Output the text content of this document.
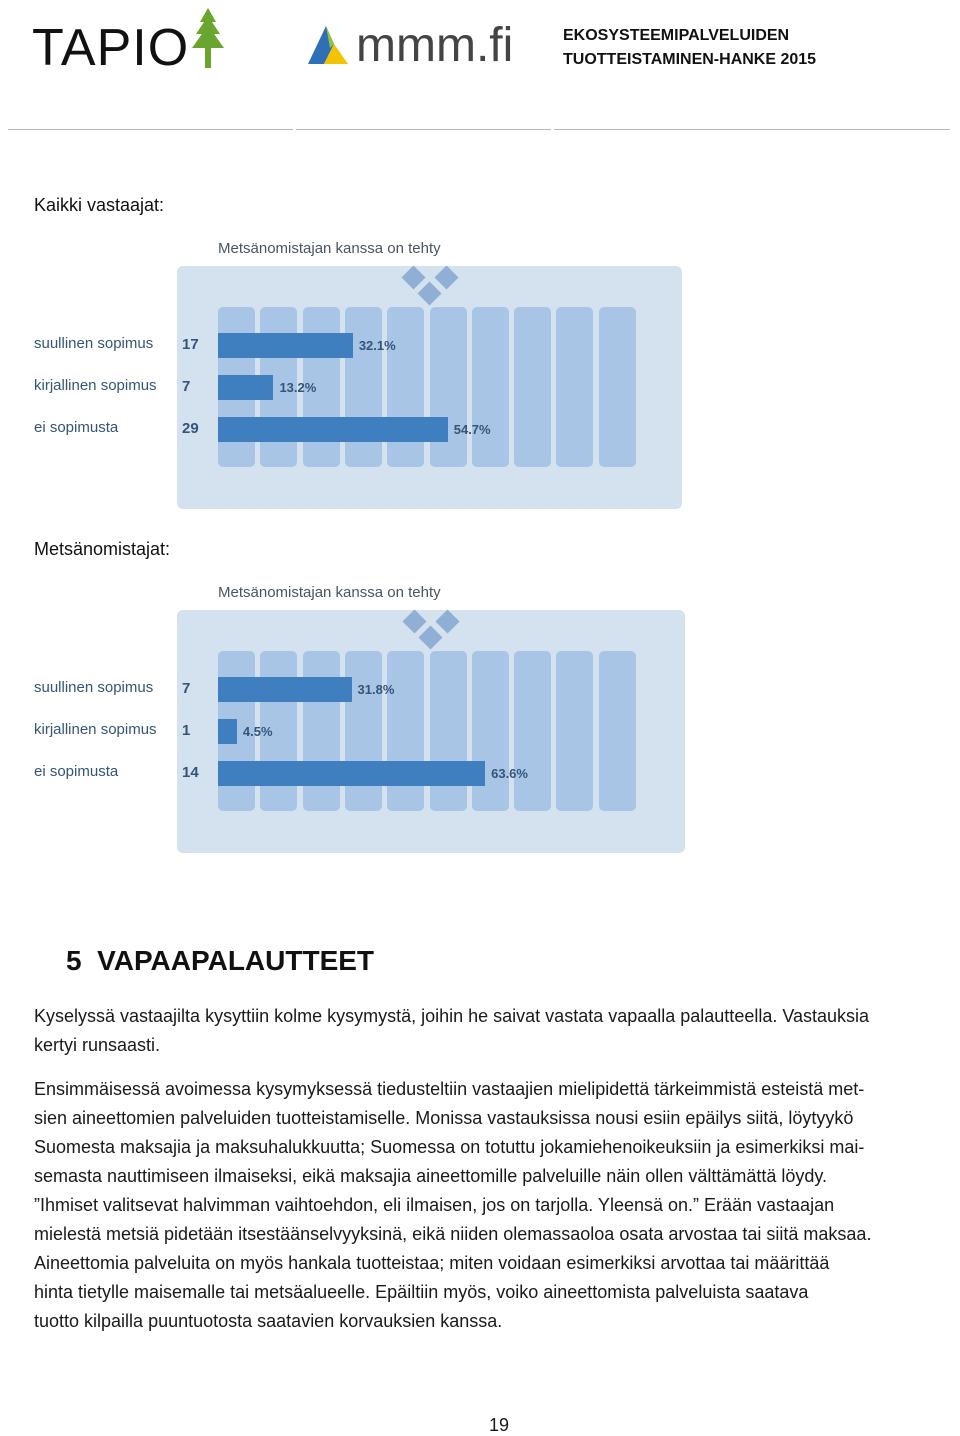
TAPIO	mmm.fi	EKOSYSTEEMIPALVELUIDEN
TUOTTEISTAMINEN-HANKE 2015
Kaikki vastaajat:
Metsänomistajan kanssa on tehty
suullinen sopimus 17	32.1%
kirjallinen sopimus 7	13.2%
ei sopimusta	29	54.7%
Metsänomistajat:
Metsänomistajan kanssa on tehty
suullinen sopimus 7	31.8%
kirjallinen sopimus 1	4.5%
ei sopimusta	14	63.6%
5 VAPAAPALAUTTEET

Kyselyssä vastaajilta kysyttiin kolme kysymystä, joihin he saivat vastata vapaalla palautteella. Vastauksia

kertyi runsaasti.

Ensimmäisessä avoimessa kysymyksessä tiedusteltiin vastaajien mielipidettä tärkeimmistä esteistä met-

sien aineettomien palveluiden tuotteistamiselle. Monissa vastauksissa nousi esiin epäilys siitä, löytyykö

Suomesta maksajia ja maksuhalukkuutta; Suomessa on totuttu jokamiehenoikeuksiin ja esimerkiksi mai-

semasta nauttimiseen ilmaiseksi, eikä maksajia aineettomille palveluille näin ollen välttämättä löydy.

”Ihmiset valitsevat halvimman vaihtoehdon, eli ilmaisen, jos on tarjolla. Yleensä on.” Erään vastaajan

mielestä metsiä pidetään itsestäänselvyyksinä, eikä niiden olemassaoloa osata arvostaa tai siitä maksaa.

Aineettomia palveluita on myös hankala tuotteistaa; miten voidaan esimerkiksi arvottaa tai määrittää

hinta tietylle maisemalle tai metsäalueelle. Epäiltiin myös, voiko aineettomista palveluista saatava

tuotto kilpailla puuntuotosta saatavien korvauksien kanssa.

19
